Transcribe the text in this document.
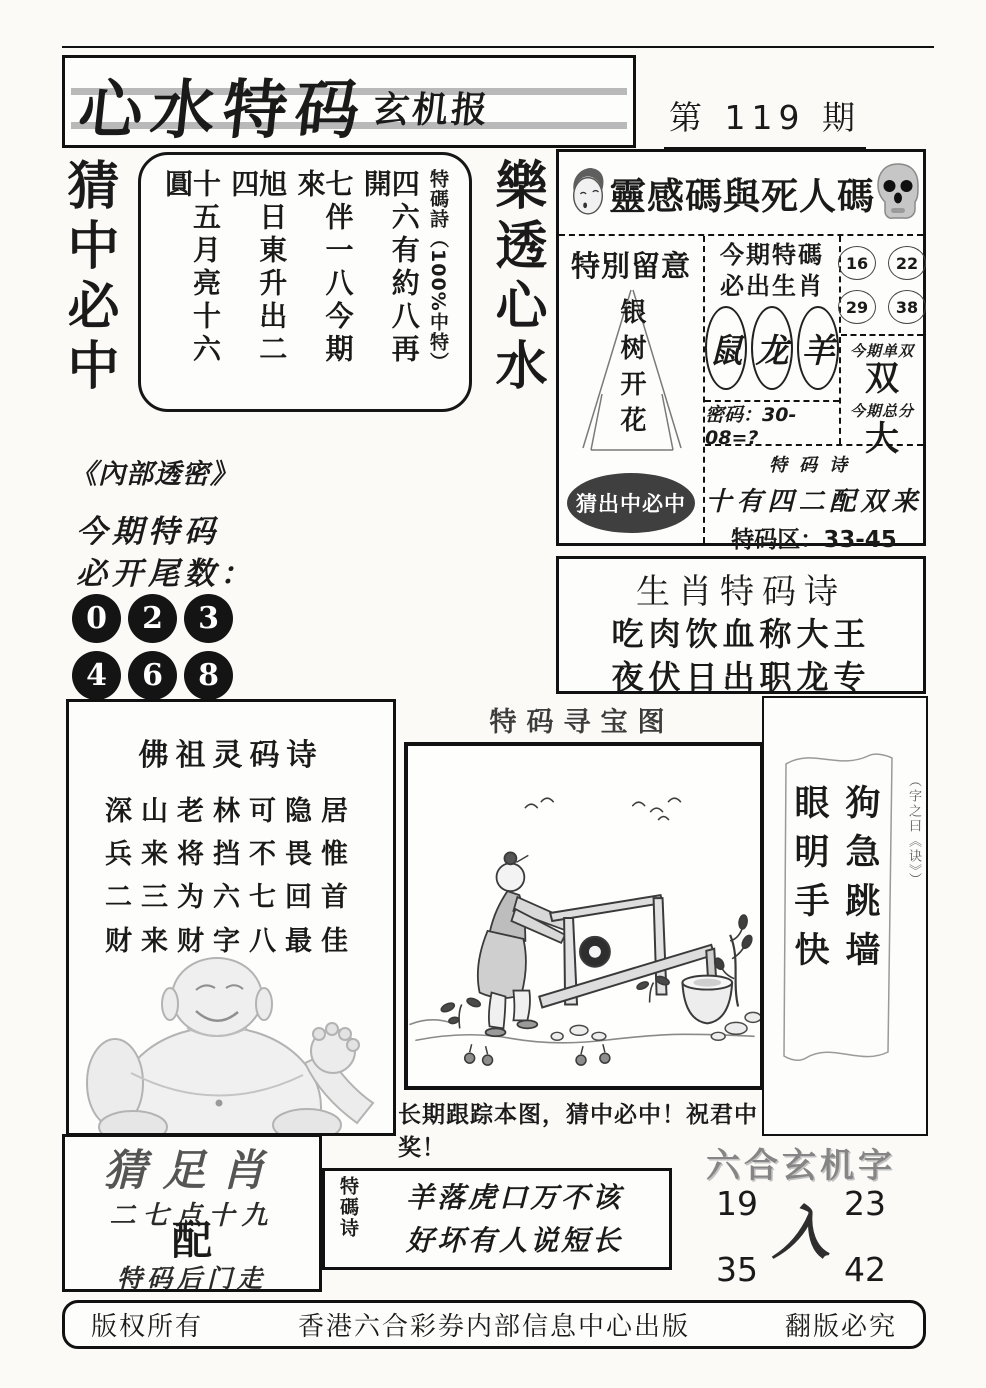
心水特码 玄机报	第 119 期
猜中必中	特碼詩（100%中特）
四六有約八再開
七伴一八今期來
旭日東升出二四
十五月亮十六圓	樂透心水 靈感碼與死人碼
特別留意
银树开花
猜出中必中
今期特碼
必出生肖
鼠 龙 羊
密码：30-08=?
16	22
29	38
今期单双
双
今期总分
大
特码诗
十有四二配双来
特码区：33-45
《內部透密》
今期特码
必开尾数：
0	2	3
4	6	8
生肖特码诗
吃肉饮血称大王
夜伏日出职龙专
佛祖灵码诗
深山老林可隐居
兵来将挡不畏惟
二三为六七回首
财来财字八最佳
特码寻宝图
长期跟踪本图，猜中必中！祝君中奖！
狗急跳墙
眼明手快	（字之曰《诀》）
猜足肖
二七点十九
配
特码后门走
特碼诗	羊落虎口万不该
好坏有人说短长
六合玄机字
19	23
入
35	42
版权所有	香港六合彩券内部信息中心出版	翻版必究
